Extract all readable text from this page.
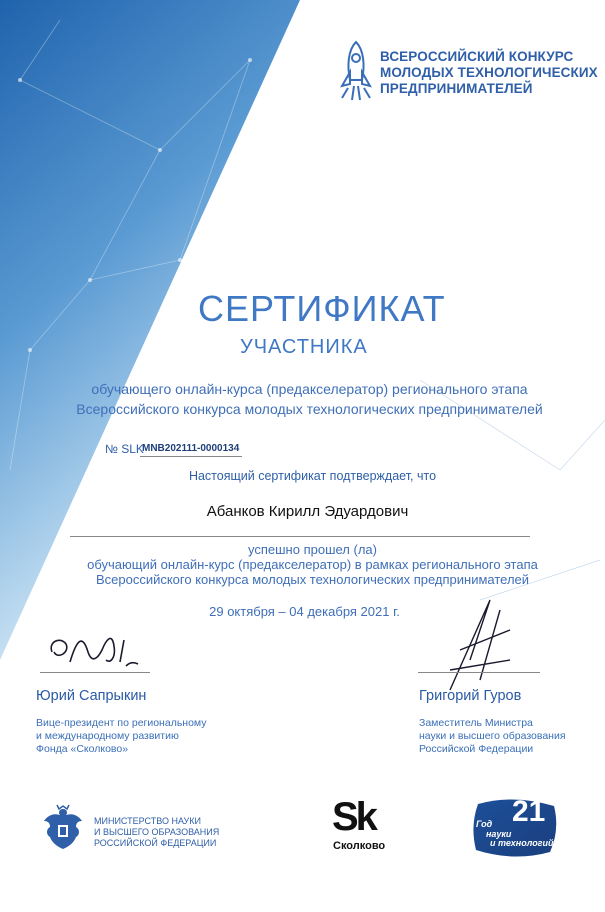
ВСЕРОССИЙСКИЙ КОНКУРС
МОЛОДЫХ ТЕХНОЛОГИЧЕСКИХ
ПРЕДПРИНИМАТЕЛЕЙ
СЕРТИФИКАТ
УЧАСТНИКА
обучающего онлайн-курса (предакселератор) регионального этапа
Всероссийского конкурса молодых технологических предпринимателей
№ SLK
MNB202111-0000134
Настоящий сертификат подтверждает, что
Абанков Кирилл Эдуардович
успешно прошел (ла)
обучающий онлайн-курс (предакселератор) в рамках регионального этапа
Всероссийского конкурса молодых технологических предпринимателей
29 октября – 04 декабря 2021 г.
Юрий Сапрыкин
Вице-президент по региональному
и международному развитию
Фонда «Сколково»
Григорий Гуров
Заместитель Министра
науки и высшего образования
Российской Федерации
МИНИСТЕРСТВО НАУКИ
И ВЫСШЕГО ОБРАЗОВАНИЯ
РОССИЙСКОЙ ФЕДЕРАЦИИ
Sk
Сколково
21
Год
науки
и технологий
